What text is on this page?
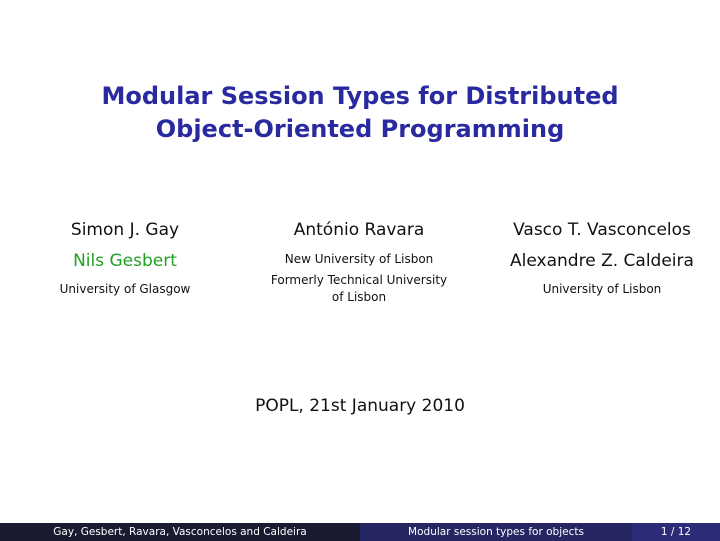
Modular Session Types for Distributed
Object-Oriented Programming
Simon J. Gay
Nils Gesbert
University of Glasgow
António Ravara
New University of Lisbon
Formerly Technical University
of Lisbon
Vasco T. Vasconcelos
Alexandre Z. Caldeira
University of Lisbon
POPL, 21st January 2010
Gay, Gesbert, Ravara, Vasconcelos and Caldeira	Modular session types for objects	1 / 12
